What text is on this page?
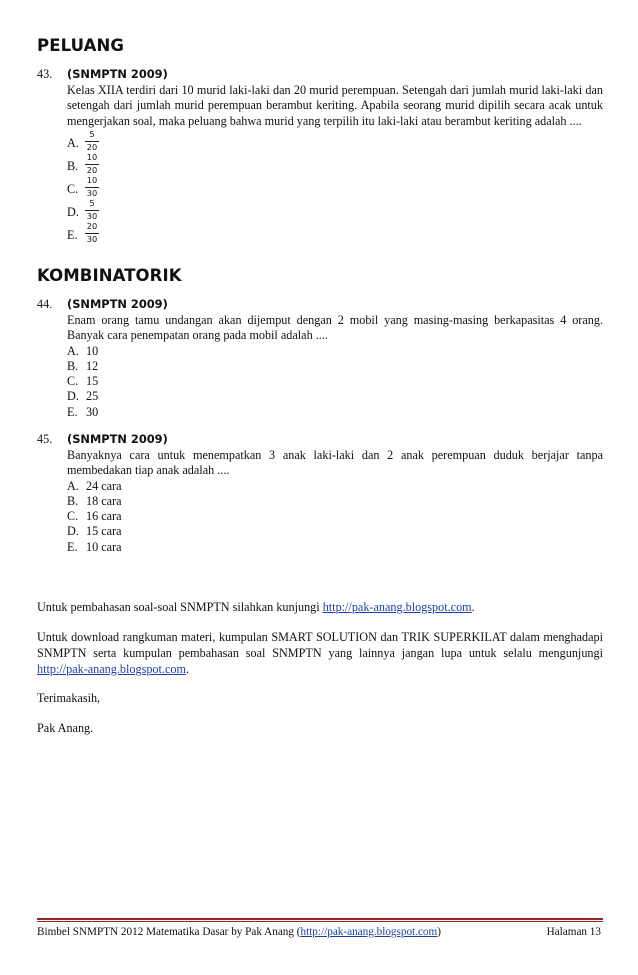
PELUANG
43.	(SNMPTN 2009)
Kelas XIIA terdiri dari 10 murid laki-laki dan 20 murid perempuan. Setengah dari jumlah murid laki-laki dan setengah dari jumlah murid perempuan berambut keriting. Apabila seorang murid dipilih secara acak untuk mengerjakan soal, maka peluang bahwa murid yang terpilih itu laki-laki atau berambut keriting adalah ....
A.
5
20
B.
10
20
C.
10
30
D.
5
30
E.
20
30
KOMBINATORIK
44.	(SNMPTN 2009)
Enam orang tamu undangan akan dijemput dengan 2 mobil yang masing-masing berkapasitas 4 orang. Banyak cara penempatan orang pada mobil adalah ....
A. 10
B. 12
C. 15
D. 25
E. 30
45.	(SNMPTN 2009)
Banyaknya cara untuk menempatkan 3 anak laki-laki dan 2 anak perempuan duduk berjajar tanpa membedakan tiap anak adalah ....
A. 24 cara
B. 18 cara
C. 16 cara
D. 15 cara
E. 10 cara
Untuk pembahasan soal-soal SNMPTN silahkan kunjungi http://pak-anang.blogspot.com.
Untuk download rangkuman materi, kumpulan SMART SOLUTION dan TRIK SUPERKILAT dalam menghadapi SNMPTN serta kumpulan pembahasan soal SNMPTN yang lainnya jangan lupa untuk selalu mengunjungi http://pak-anang.blogspot.com.
Terimakasih,
Pak Anang.
Bimbel SNMPTN 2012 Matematika Dasar by Pak Anang (http://pak-anang.blogspot.com)	Halaman 13
